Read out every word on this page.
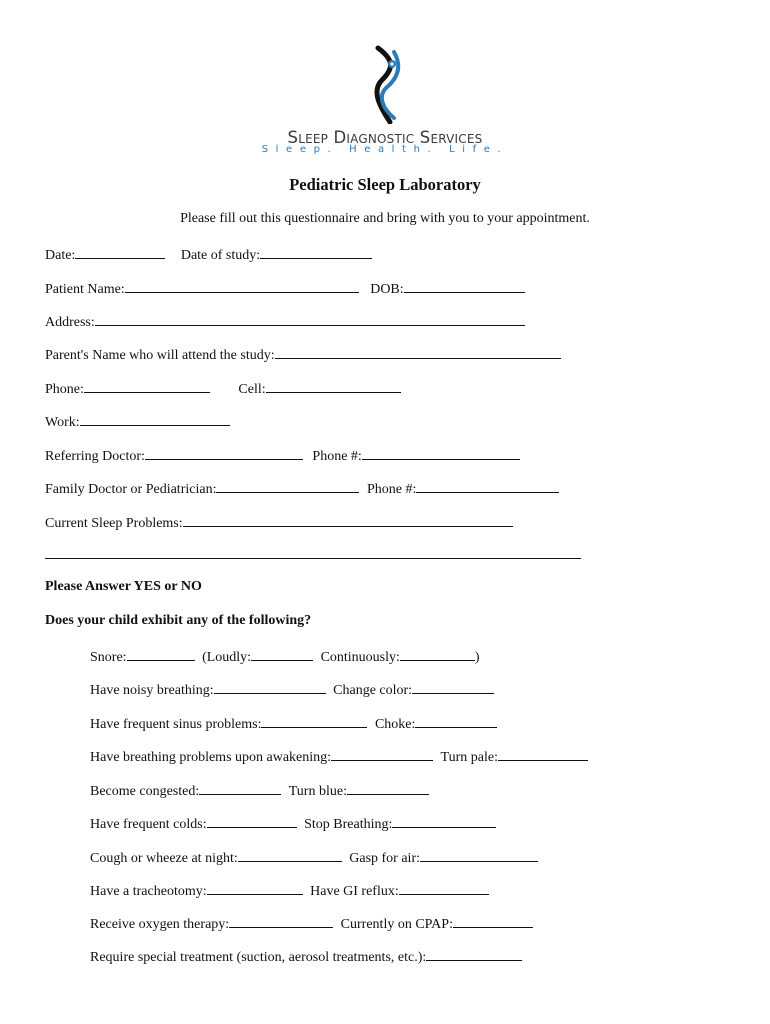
Sleep Diagnostic Services
Sleep. Health. Life.
Pediatric Sleep Laboratory
Please fill out this questionnaire and bring with you to your appointment.
Date:	Date of study:
Patient Name:	DOB:
Address:
Parent's Name who will attend the study:
Phone:	Cell:
Work:
Referring Doctor:	Phone #:
Family Doctor or Pediatrician:	Phone #:
Current Sleep Problems:
Please Answer YES or NO
Does your child exhibit any of the following?
Snore:	(Loudly:	Continuously:	)
Have noisy breathing:	Change color:
Have frequent sinus problems:	Choke:
Have breathing problems upon awakening:	Turn pale:
Become congested:	Turn blue:
Have frequent colds:	Stop Breathing:
Cough or wheeze at night:	Gasp for air:
Have a tracheotomy:	Have GI reflux:
Receive oxygen therapy:	Currently on CPAP:
Require special treatment (suction, aerosol treatments, etc.):
